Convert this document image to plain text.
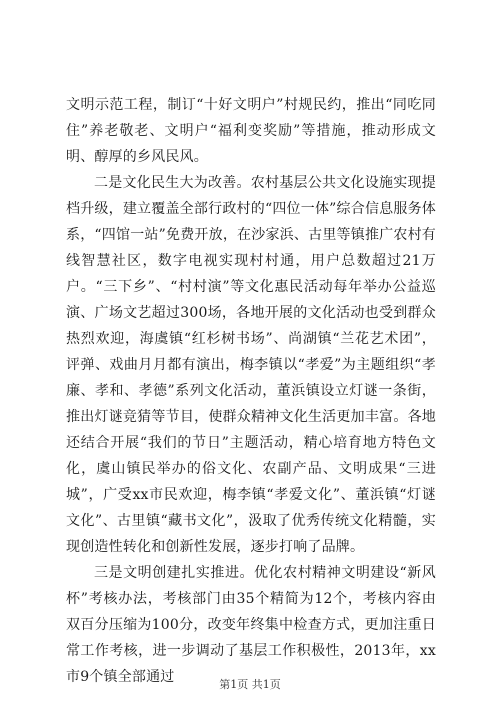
文明示范工程，制订“十好文明户”村规民约，推出“同吃同住”养老敬老、文明户“福利变奖励”等措施，推动形成文明、醇厚的乡风民风。

二是文化民生大为改善。农村基层公共文化设施实现提档升级，建立覆盖全部行政村的“四位一体”综合信息服务体系，“四馆一站”免费开放，在沙家浜、古里等镇推广农村有线智慧社区，数字电视实现村村通，用户总数超过21万户。“三下乡”、“村村演”等文化惠民活动每年举办公益巡演、广场文艺超过300场，各地开展的文化活动也受到群众热烈欢迎，海虞镇“红杉树书场”、尚湖镇“兰花艺术团”，评弹、戏曲月月都有演出，梅李镇以“孝爱”为主题组织“孝廉、孝和、孝德”系列文化活动，董浜镇设立灯谜一条街，推出灯谜竞猜等节目，使群众精神文化生活更加丰富。各地还结合开展“我们的节日”主题活动，精心培育地方特色文化，虞山镇民举办的俗文化、农副产品、文明成果“三进城”，广受xx市民欢迎，梅李镇“孝爱文化”、董浜镇“灯谜文化”、古里镇“藏书文化”，汲取了优秀传统文化精髓，实现创造性转化和创新性发展，逐步打响了品牌。

三是文明创建扎实推进。优化农村精神文明建设“新风杯”考核办法，考核部门由35个精简为12个，考核内容由双百分压缩为100分，改变年终集中检查方式，更加注重日常工作考核，进一步调动了基层工作积极性，2013年，xx市9个镇全部通过	第1页 共1页
